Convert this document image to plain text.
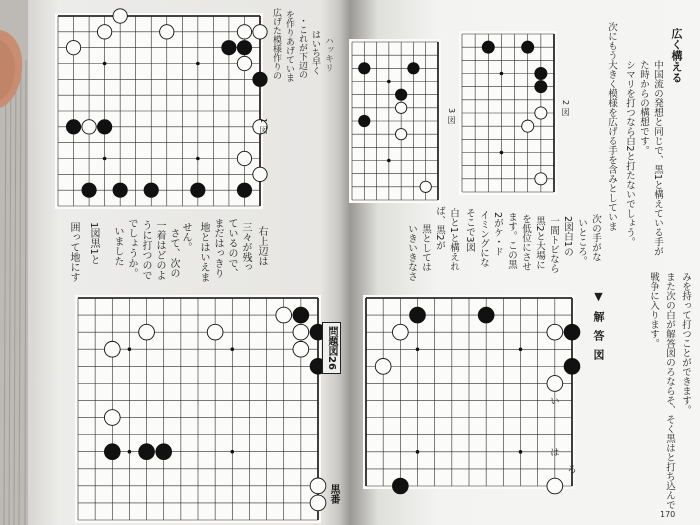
い
は
ろ
1図
広げた模様作りの を作りあげていま ・これが下辺の はいち早く ハッキリ
1図黒1と
囲って地にす	いました でしょうか。 うに打つので 一着はどのよ さて、次の せん。 地とはいえま まだはっきり ているので、 三々が残っ 右上辺は
問題図26
黒番
広く構える
中国流の発想と同じで、黒1と構えている手が
た時からの構想です。
シマリを打つなら白2と打たないでしょう。
次にもう大きく模様を広げる手を含みとしていま
次の手がな
いところ。
2図白1の
一間トビなら
黒2と大場に
を低位にさせ
ます。この黒
2がケ・ド
イミングにな
そこで3図
白と1と構えれ
ば、黒2が
黒としては
いきいきなさ
2図
3図
▼解答図	みを持って打つことができます。
また次の白が解答図のろならそ、そく黒はと打ち込んで
戦争に入ります。
170
